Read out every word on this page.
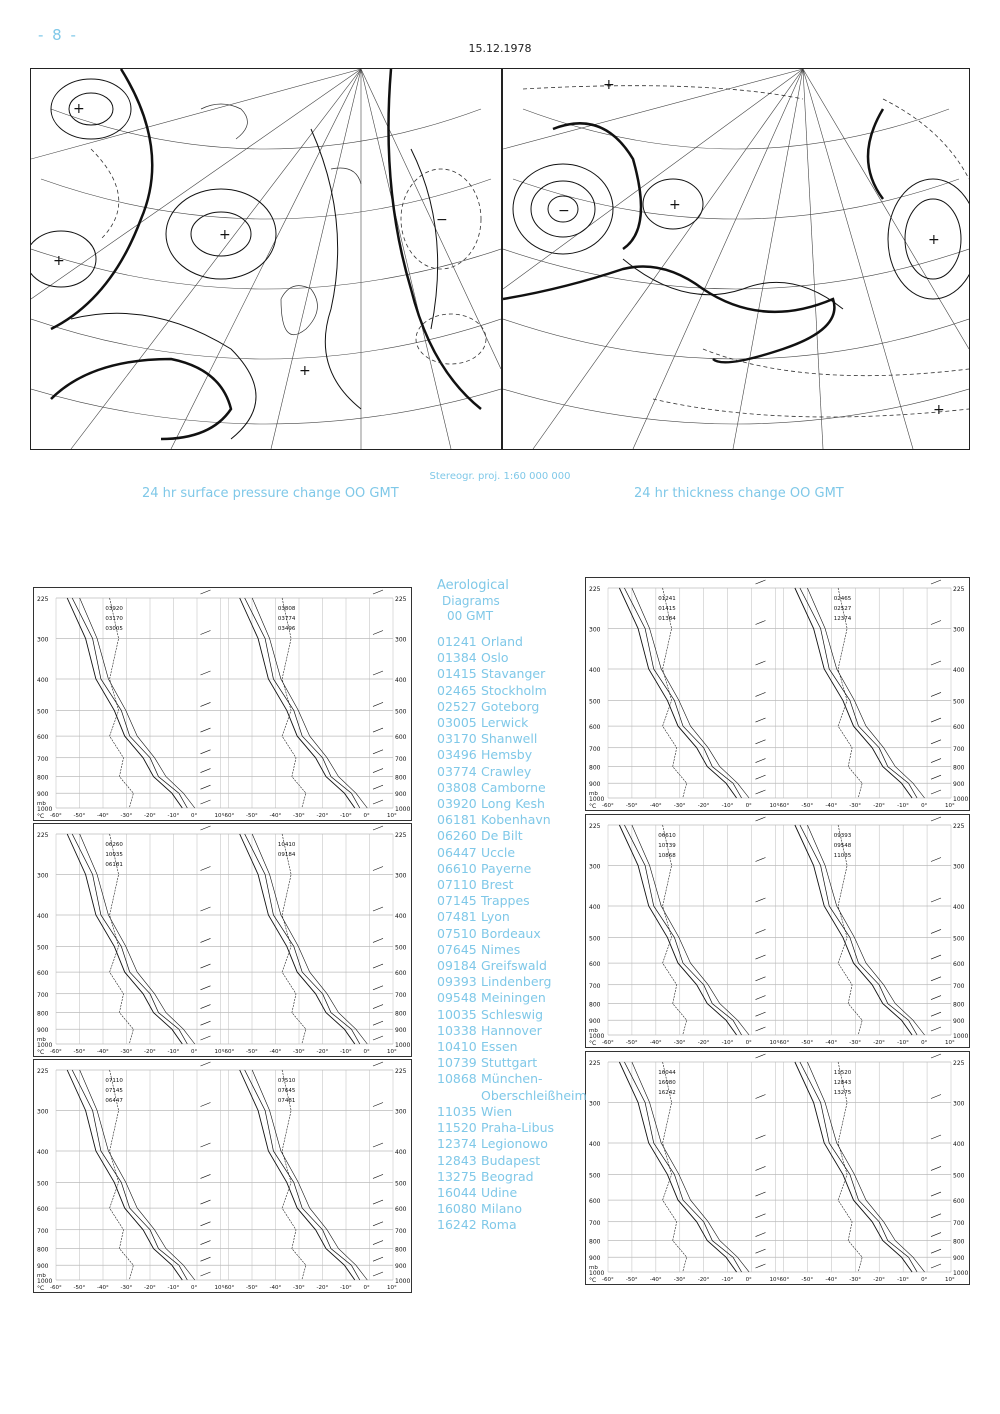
- 8 -
15.12.1978
+
+
+
−
+
−	+
+
+
+
Stereogr. proj. 1:60 000 000
24 hr surface pressure change OO GMT	24 hr thickness change OO GMT
225	225
300	300
400	400
500	500
600	600
700	700
800	800
900	900
1000	1000
-60° -50° -40° -30° -20° -10° 0°	10°
03920
03170
03005
-60° -50° -40° -30° -20° -10° 0°	10°
03808
03774
03496
°C
mb
225	225
300	300
400	400
500	500
600	600
700	700
800	800
900	900
1000	1000
-60° -50° -40° -30° -20° -10° 0°	10°
06260
10035
06181
-60° -50° -40° -30° -20° -10° 0°	10°
10410
09184
°C
mb
225	225
300	300
400	400
500	500
600	600
700	700
800	800
900	900
1000	1000
-60° -50° -40° -30° -20° -10° 0°	10°
07110
07145
06447
-60° -50° -40° -30° -20° -10° 0°	10°
07510
07645
07481
°C
mb
225	225
300	300
400	400
500	500
600	600
700	700
800	800
900	900
1000	1000
-60° -50° -40° -30° -20° -10° 0°	10°
01241
01415
01384
-60° -50° -40° -30° -20° -10° 0°	10°
02465
02527
12374
°C
mb
225	225
300	300
400	400
500	500
600	600
700	700
800	800
900	900
1000	1000
-60° -50° -40° -30° -20° -10° 0°	10°
06610
10739
10868
-60° -50° -40° -30° -20° -10° 0°	10°
09393
09548
11035
°C
mb
225	225
300	300
400	400
500	500
600	600
700	700
800	800
900	900
1000	1000
-60° -50° -40° -30° -20° -10° 0°	10°
16044
16080
16242
-60° -50° -40° -30° -20° -10° 0°	10°
11520
12843
13275
°C
mb
Aerological
Diagrams
00 GMT
01241 Orland
01384 Oslo
01415 Stavanger
02465 Stockholm
02527 Goteborg
03005 Lerwick
03170 Shanwell
03496 Hemsby
03774 Crawley
03808 Camborne
03920 Long Kesh
06181 Kobenhavn
06260 De Bilt
06447 Uccle
06610 Payerne
07110 Brest
07145 Trappes
07481 Lyon
07510 Bordeaux
07645 Nimes
09184 Greifswald
09393 Lindenberg
09548 Meiningen
10035 Schleswig
10338 Hannover
10410 Essen
10739 Stuttgart
10868 München-
Oberschleißheim
11035 Wien
11520 Praha-Libus
12374 Legionowo
12843 Budapest
13275 Beograd
16044 Udine
16080 Milano
16242 Roma
